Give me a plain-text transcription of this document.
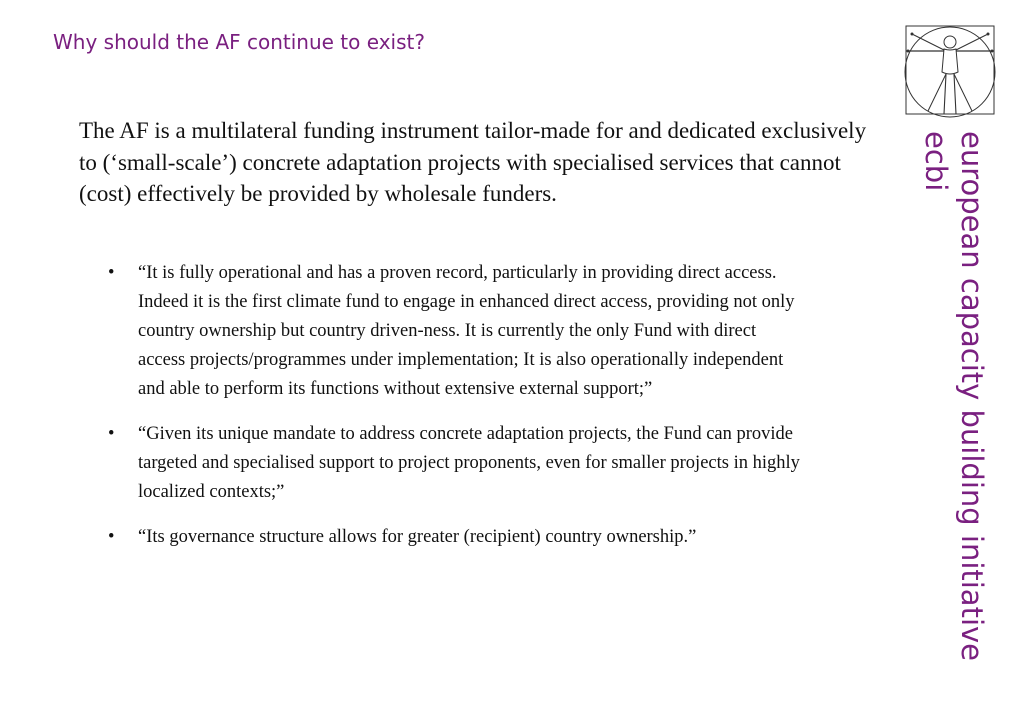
Why should the AF continue to exist?

The AF is a multilateral funding instrument tailor-made for and dedicated exclusively to (‘small-scale’) concrete adaptation projects with specialised services that cannot (cost) effectively be provided by wholesale funders.

• “It is fully operational and has a proven record, particularly in providing direct access. Indeed it is the first climate fund to engage in enhanced direct access, providing not only country ownership but country driven-ness. It is currently the only Fund with direct access projects/programmes under implementation; It is also operationally independent and able to perform its functions without extensive external support;”
• “Given its unique mandate to address concrete adaptation projects, the Fund can provide targeted and specialised support to project proponents, even for smaller projects in highly localized contexts;”
• “Its governance structure allows for greater (recipient) country ownership.”	european capacity building initiative
ecbi
